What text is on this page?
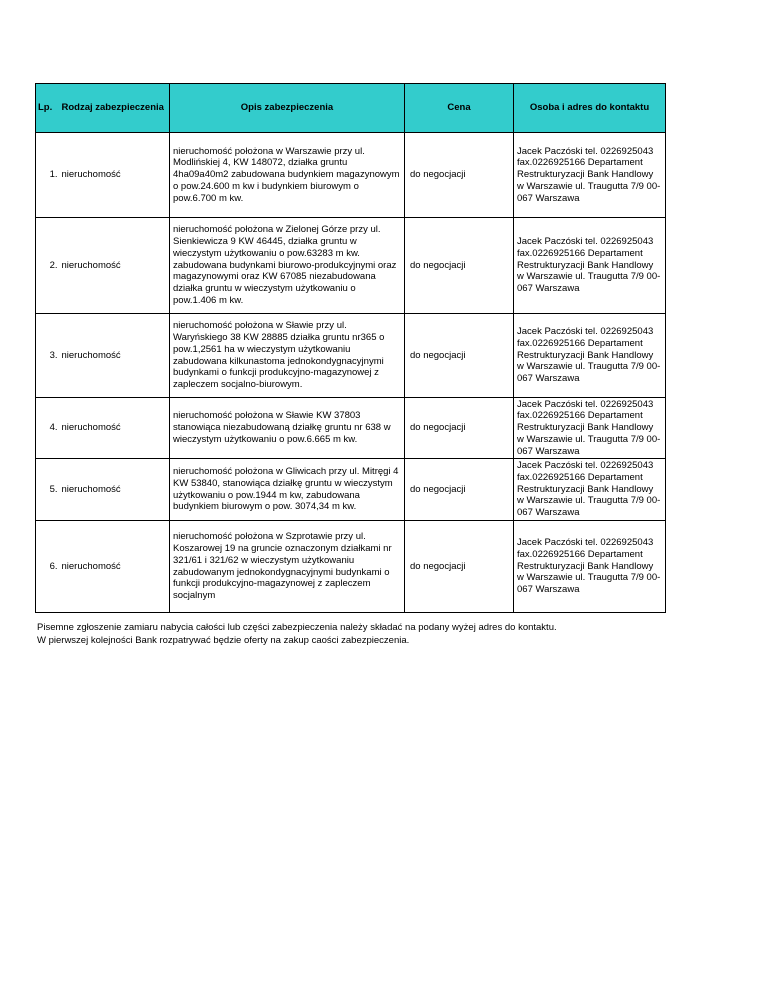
Lp.	Rodzaj zabezpieczenia	Opis zabezpieczenia	Cena	Osoba i adres do kontaktu
1.	nieruchomość	nieruchomość położona w Warszawie przy ul. Modlińskiej 4, KW 148072, działka gruntu 4ha09a40m2 zabudowana budynkiem magazynowym o pow.24.600 m kw i budynkiem biurowym o pow.6.700 m kw.	do negocjacji	Jacek Paczóski tel. 0226925043 fax.0226925166 Departament Restrukturyzacji Bank Handlowy w Warszawie ul. Traugutta 7/9 00-067 Warszawa
2.	nieruchomość	nieruchomość położona w Zielonej Górze przy ul. Sienkiewicza 9 KW 46445, działka gruntu w wieczystym użytkowaniu o pow.63283 m kw. zabudowana budynkami biurowo-produkcyjnymi oraz magazynowymi oraz KW 67085 niezabudowana działka gruntu w wieczystym użytkowaniu o pow.1.406 m kw.	do negocjacji	Jacek Paczóski tel. 0226925043 fax.0226925166 Departament Restrukturyzacji Bank Handlowy w Warszawie ul. Traugutta 7/9 00-067 Warszawa
3.	nieruchomość	nieruchomość położona w Sławie przy ul. Waryńskiego 38 KW 28885 działka gruntu nr365 o pow.1,2561 ha w wieczystym użytkowaniu zabudowana kilkunastoma jednokondygnacyjnymi budynkami o funkcji produkcyjno-magazynowej z zapleczem socjalno-biurowym.	do negocjacji	Jacek Paczóski tel. 0226925043 fax.0226925166 Departament Restrukturyzacji Bank Handlowy w Warszawie ul. Traugutta 7/9 00-067 Warszawa
4.	nieruchomość	nieruchomość położona w Sławie KW 37803 stanowiąca niezabudowaną działkę gruntu nr 638 w wieczystym użytkowaniu o pow.6.665 m kw.	do negocjacji	Jacek Paczóski tel. 0226925043 fax.0226925166 Departament Restrukturyzacji Bank Handlowy w Warszawie ul. Traugutta 7/9 00-067 Warszawa
5.	nieruchomość	nieruchomość położona w Gliwicach przy ul. Mitręgi 4 KW 53840, stanowiąca działkę gruntu w wieczystym użytkowaniu o pow.1944 m kw, zabudowana budynkiem biurowym o pow. 3074,34 m kw.	do negocjacji	Jacek Paczóski tel. 0226925043 fax.0226925166 Departament Restrukturyzacji Bank Handlowy w Warszawie ul. Traugutta 7/9 00-067 Warszawa
6.	nieruchomość	nieruchomość położona w Szprotawie przy ul. Koszarowej 19 na gruncie oznaczonym działkami nr 321/61 i 321/62 w wieczystym użytkowaniu zabudowanym jednokondygnacyjnymi budynkami o funkcji produkcyjno-magazynowej z zapleczem socjalnym	do negocjacji	Jacek Paczóski tel. 0226925043 fax.0226925166 Departament Restrukturyzacji Bank Handlowy w Warszawie ul. Traugutta 7/9 00-067 Warszawa
Pisemne zgłoszenie zamiaru nabycia całości lub części zabezpieczenia należy składać na podany wyżej adres do kontaktu.
W pierwszej kolejności Bank rozpatrywać będzie oferty na zakup caości zabezpieczenia.
